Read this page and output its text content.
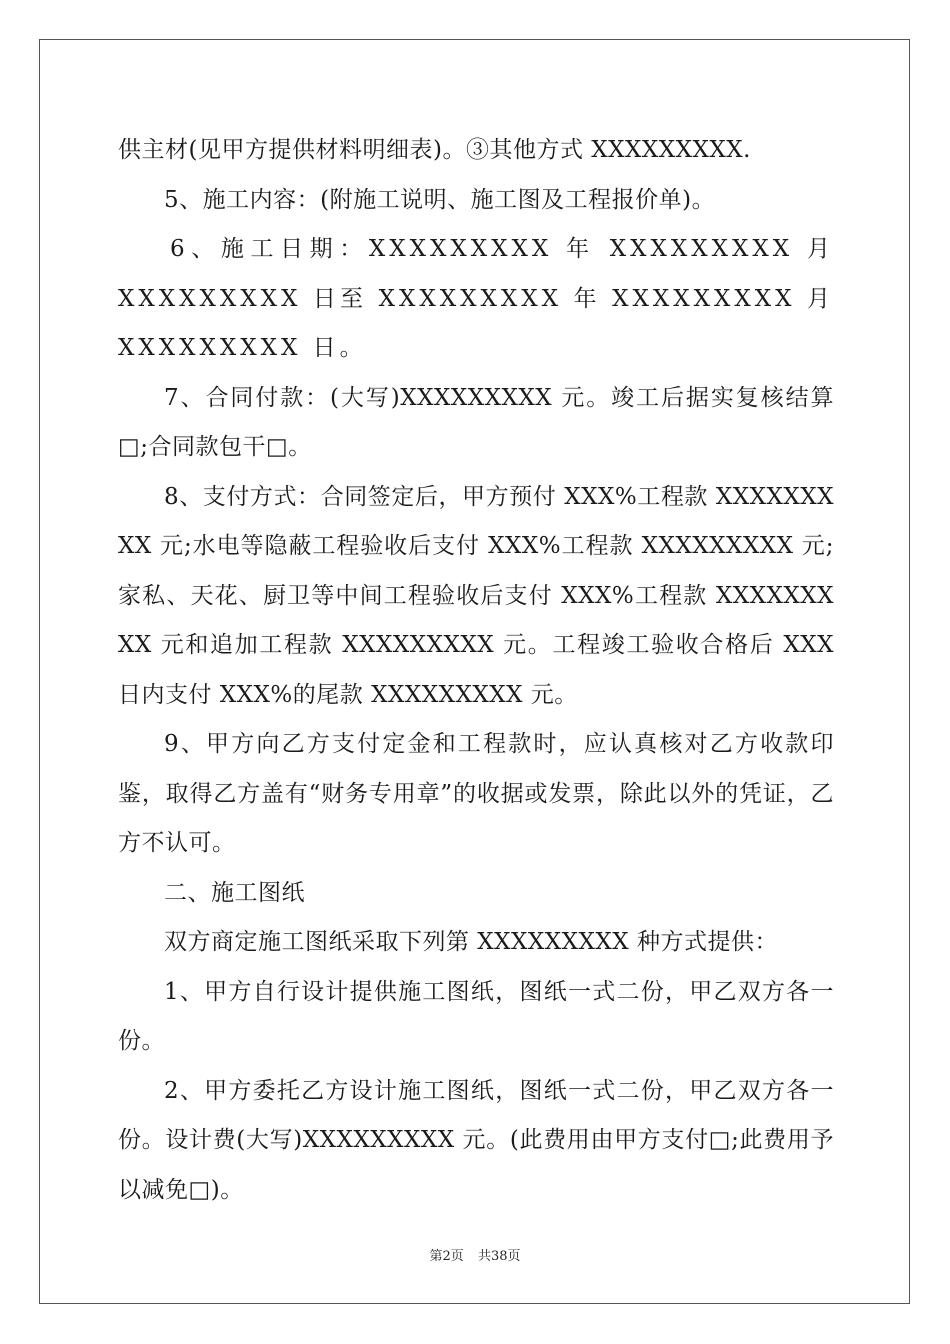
供主材(见甲方提供材料明细表)。③其他方式 XXXXXXXXX.

5、施工内容：(附施工说明、施工图及工程报价单)。

6、施工日期：XXXXXXXXX 年 XXXXXXXXX 月 XXXXXXXXX 日至 XXXXXXXXX 年 XXXXXXXXX 月 XXXXXXXXX 日。

7、合同付款：(大写)XXXXXXXXX 元。竣工后据实复核结算□;合同款包干□。

8、支付方式：合同签定后，甲方预付 XXX%工程款 XXXXXXXXX 元;水电等隐蔽工程验收后支付 XXX%工程款 XXXXXXXXX 元;家私、天花、厨卫等中间工程验收后支付 XXX%工程款 XXXXXXXXX 元和追加工程款 XXXXXXXXX 元。工程竣工验收合格后 XXX 日内支付 XXX%的尾款 XXXXXXXXX 元。

9、甲方向乙方支付定金和工程款时，应认真核对乙方收款印鉴，取得乙方盖有“财务专用章”的收据或发票，除此以外的凭证，乙方不认可。

二、施工图纸

双方商定施工图纸采取下列第 XXXXXXXXX 种方式提供：

1、甲方自行设计提供施工图纸，图纸一式二份，甲乙双方各一份。

2、甲方委托乙方设计施工图纸，图纸一式二份，甲乙双方各一份。设计费(大写)XXXXXXXXX 元。(此费用由甲方支付□;此费用予以减免□)。

第2页 共38页
